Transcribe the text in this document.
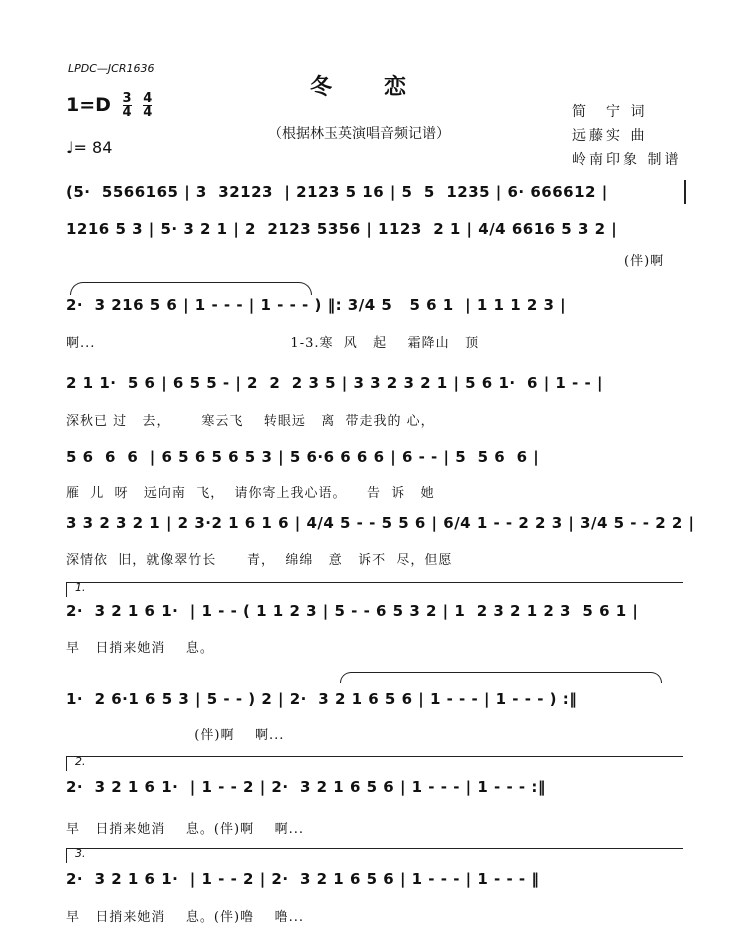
LPDC—JCR1636
冬恋
（根据林玉英演唱音频记谱）
$1=D \frac{3}{4}$
$\frac{4}{4}$
♩= 84
简　宁 词
远藤实 曲
岭南印象 制谱
(5·  5566165 | 3  32123  | 2123 5 16 | 5  5  1235 | 6· 666612 |
1216 5 3 | 5· 3 2 1 | 2  2123 5356 | 1123  2 1 | 4/4 6616 5 3 2 |
(伴)啊
2·  3 216 5 6 | 1 - - - | 1 - - - ) ‖: 3/4 5   5 6 1  | 1 1 1 2 3 |
啊...                                      1-3.寒  风   起    霜降山   顶
2 1 1·  5 6 | 6 5 5 - | 2  2  2 3 5 | 3 3 2 3 2 1 | 5 6 1·  6 | 1 - - |
深秋已 过   去，      寒云飞    转眼远   离  带走我的 心，
5 6  6  6  | 6 5 6 5 6 5 3 | 5 6·6 6 6 6 | 6 - - | 5  5 6  6 |
雁  儿  呀   远向南  飞，  请你寄上我心语。    告  诉   她
3 3 2 3 2 1 | 2 3·2 1 6 1 6 | 4/4 5 - - 5 5 6 | 6/4 1 - - 2 2 3 | 3/4 5 - - 2 2 |
深情依  旧，就像翠竹长      青，  绵绵   意   诉不  尽，但愿
1.
2·  3 2 1 6 1·  | 1 - - ( 1 1 2 3 | 5 - - 6 5 3 2 | 1  2 3 2 1 2 3  5 6 1 |
早   日捎来她消    息。
1·  2 6·1 6 5 3 | 5 - - ) 2 | 2·  3 2 1 6 5 6 | 1 - - - | 1 - - - ) :‖
(伴)啊    啊...
2.
2·  3 2 1 6 1·  | 1 - - 2 | 2·  3 2 1 6 5 6 | 1 - - - | 1 - - - :‖
早   日捎来她消    息。(伴)啊    啊...
3.
2·  3 2 1 6 1·  | 1 - - 2 | 2·  3 2 1 6 5 6 | 1 - - - | 1 - - - ‖
早   日捎来她消    息。(伴)噜    噜...
